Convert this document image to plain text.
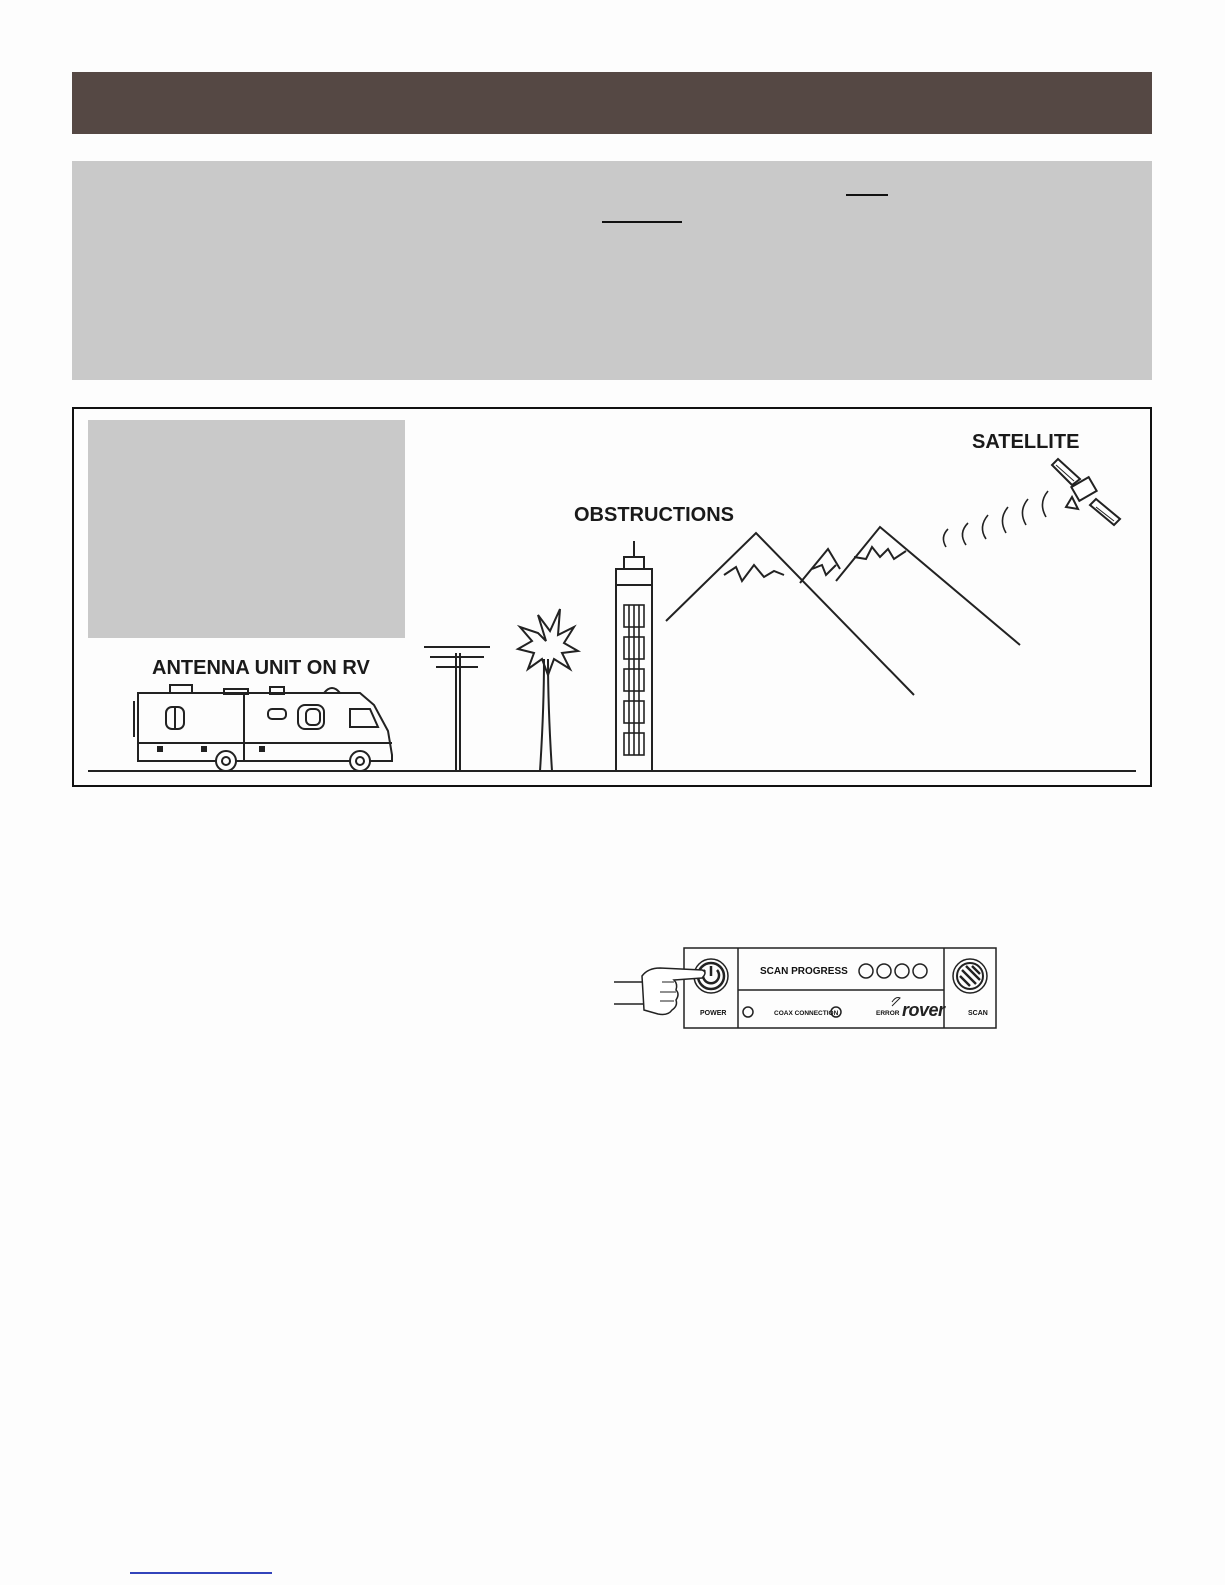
SATELLITE
OBSTRUCTIONS
ANTENNA UNIT ON RV
SCAN PROGRESS
COAX CONNECTION	ERROR rover
POWER	SCAN
